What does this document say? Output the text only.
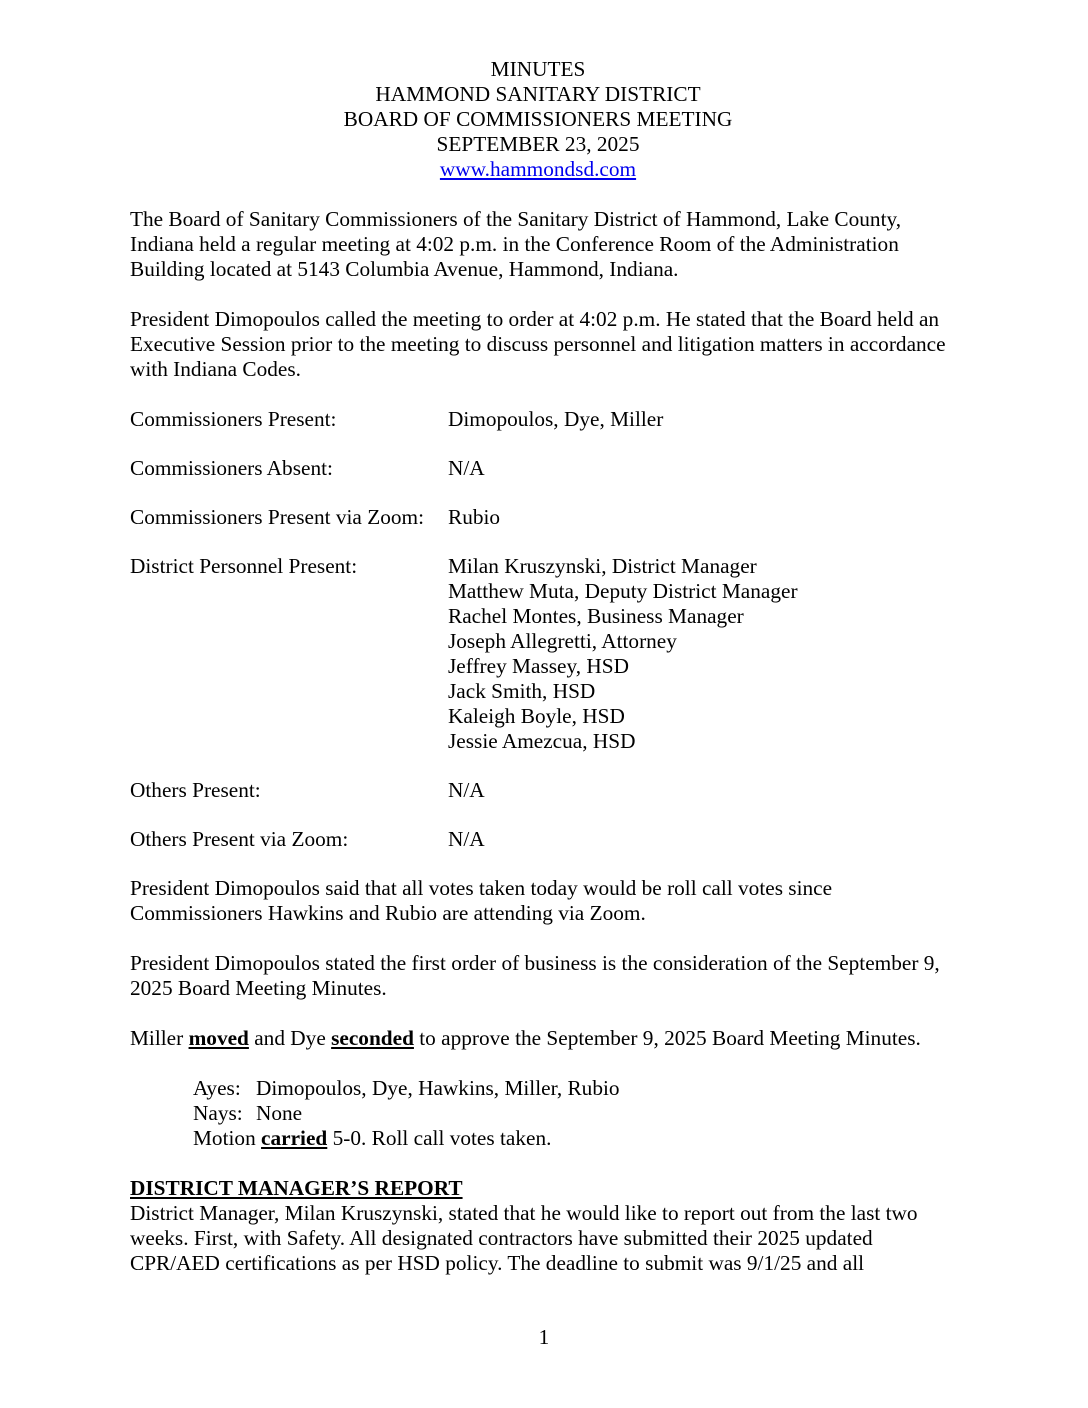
MINUTES
HAMMOND SANITARY DISTRICT
BOARD OF COMMISSIONERS MEETING
SEPTEMBER 23, 2025
www.hammondsd.com

The Board of Sanitary Commissioners of the Sanitary District of Hammond, Lake County, Indiana held a regular meeting at 4:02 p.m. in the Conference Room of the Administration Building located at 5143 Columbia Avenue, Hammond, Indiana.

President Dimopoulos called the meeting to order at 4:02 p.m. He stated that the Board held an Executive Session prior to the meeting to discuss personnel and litigation matters in accordance with Indiana Codes.

Commissioners Present:	Dimopoulos, Dye, Miller
Commissioners Absent:	N/A
Commissioners Present via Zoom:	Rubio
District Personnel Present:	Milan Kruszynski, District Manager
Matthew Muta, Deputy District Manager
Rachel Montes, Business Manager
Joseph Allegretti, Attorney
Jeffrey Massey, HSD
Jack Smith, HSD
Kaleigh Boyle, HSD
Jessie Amezcua, HSD
Others Present:	N/A
Others Present via Zoom:	N/A

President Dimopoulos said that all votes taken today would be roll call votes since Commissioners Hawkins and Rubio are attending via Zoom.

President Dimopoulos stated the first order of business is the consideration of the September 9, 2025 Board Meeting Minutes.

Miller moved and Dye seconded to approve the September 9, 2025 Board Meeting Minutes.

Ayes: Dimopoulos, Dye, Hawkins, Miller, Rubio
Nays: None
Motion carried 5-0. Roll call votes taken.

DISTRICT MANAGER’S REPORT

District Manager, Milan Kruszynski, stated that he would like to report out from the last two weeks. First, with Safety. All designated contractors have submitted their 2025 updated CPR/AED certifications as per HSD policy. The deadline to submit was 9/1/25 and all

1
